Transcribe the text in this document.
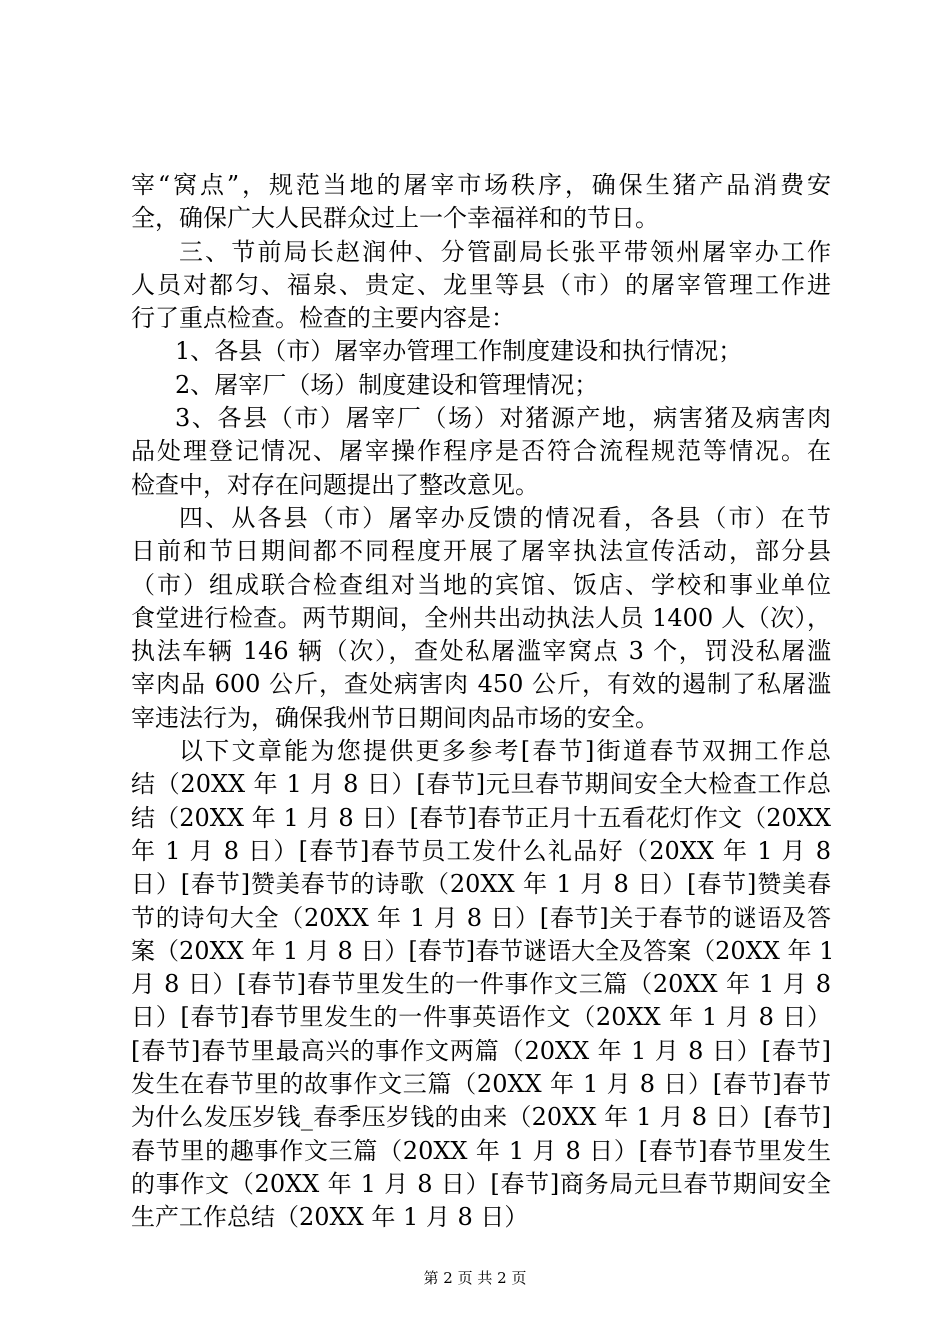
宰“窝点”，规范当地的屠宰市场秩序，确保生猪产品消费安
全，确保广大人民群众过上一个幸福祥和的节日。
三、节前局长赵润仲、分管副局长张平带领州屠宰办工作
人员对都匀、福泉、贵定、龙里等县（市）的屠宰管理工作进
行了重点检查。检查的主要内容是：
1、各县（市）屠宰办管理工作制度建设和执行情况；
2、屠宰厂（场）制度建设和管理情况；
3、各县（市）屠宰厂（场）对猪源产地，病害猪及病害肉
品处理登记情况、屠宰操作程序是否符合流程规范等情况。在
检查中，对存在问题提出了整改意见。
四、从各县（市）屠宰办反馈的情况看，各县（市）在节
日前和节日期间都不同程度开展了屠宰执法宣传活动，部分县
（市）组成联合检查组对当地的宾馆、饭店、学校和事业单位
食堂进行检查。两节期间，全州共出动执法人员 1400 人（次），
执法车辆 146 辆（次），查处私屠滥宰窝点 3 个，罚没私屠滥
宰肉品 600 公斤，查处病害肉 450 公斤，有效的遏制了私屠滥
宰违法行为，确保我州节日期间肉品市场的安全。
以下文章能为您提供更多参考[春节]街道春节双拥工作总
结（20XX 年 1 月 8 日）[春节]元旦春节期间安全大检查工作总
结（20XX 年 1 月 8 日）[春节]春节正月十五看花灯作文（20XX
年 1 月 8 日）[春节]春节员工发什么礼品好（20XX 年 1 月 8
日）[春节]赞美春节的诗歌（20XX 年 1 月 8 日）[春节]赞美春
节的诗句大全（20XX 年 1 月 8 日）[春节]关于春节的谜语及答
案（20XX 年 1 月 8 日）[春节]春节谜语大全及答案（20XX 年 1
月 8 日）[春节]春节里发生的一件事作文三篇（20XX 年 1 月 8
日）[春节]春节里发生的一件事英语作文（20XX 年 1 月 8 日）
[春节]春节里最高兴的事作文两篇（20XX 年 1 月 8 日）[春节]
发生在春节里的故事作文三篇（20XX 年 1 月 8 日）[春节]春节
为什么发压岁钱_春季压岁钱的由来（20XX 年 1 月 8 日）[春节]
春节里的趣事作文三篇（20XX 年 1 月 8 日）[春节]春节里发生
的事作文（20XX 年 1 月 8 日）[春节]商务局元旦春节期间安全
生产工作总结（20XX 年 1 月 8 日）
第 2 页 共 2 页
